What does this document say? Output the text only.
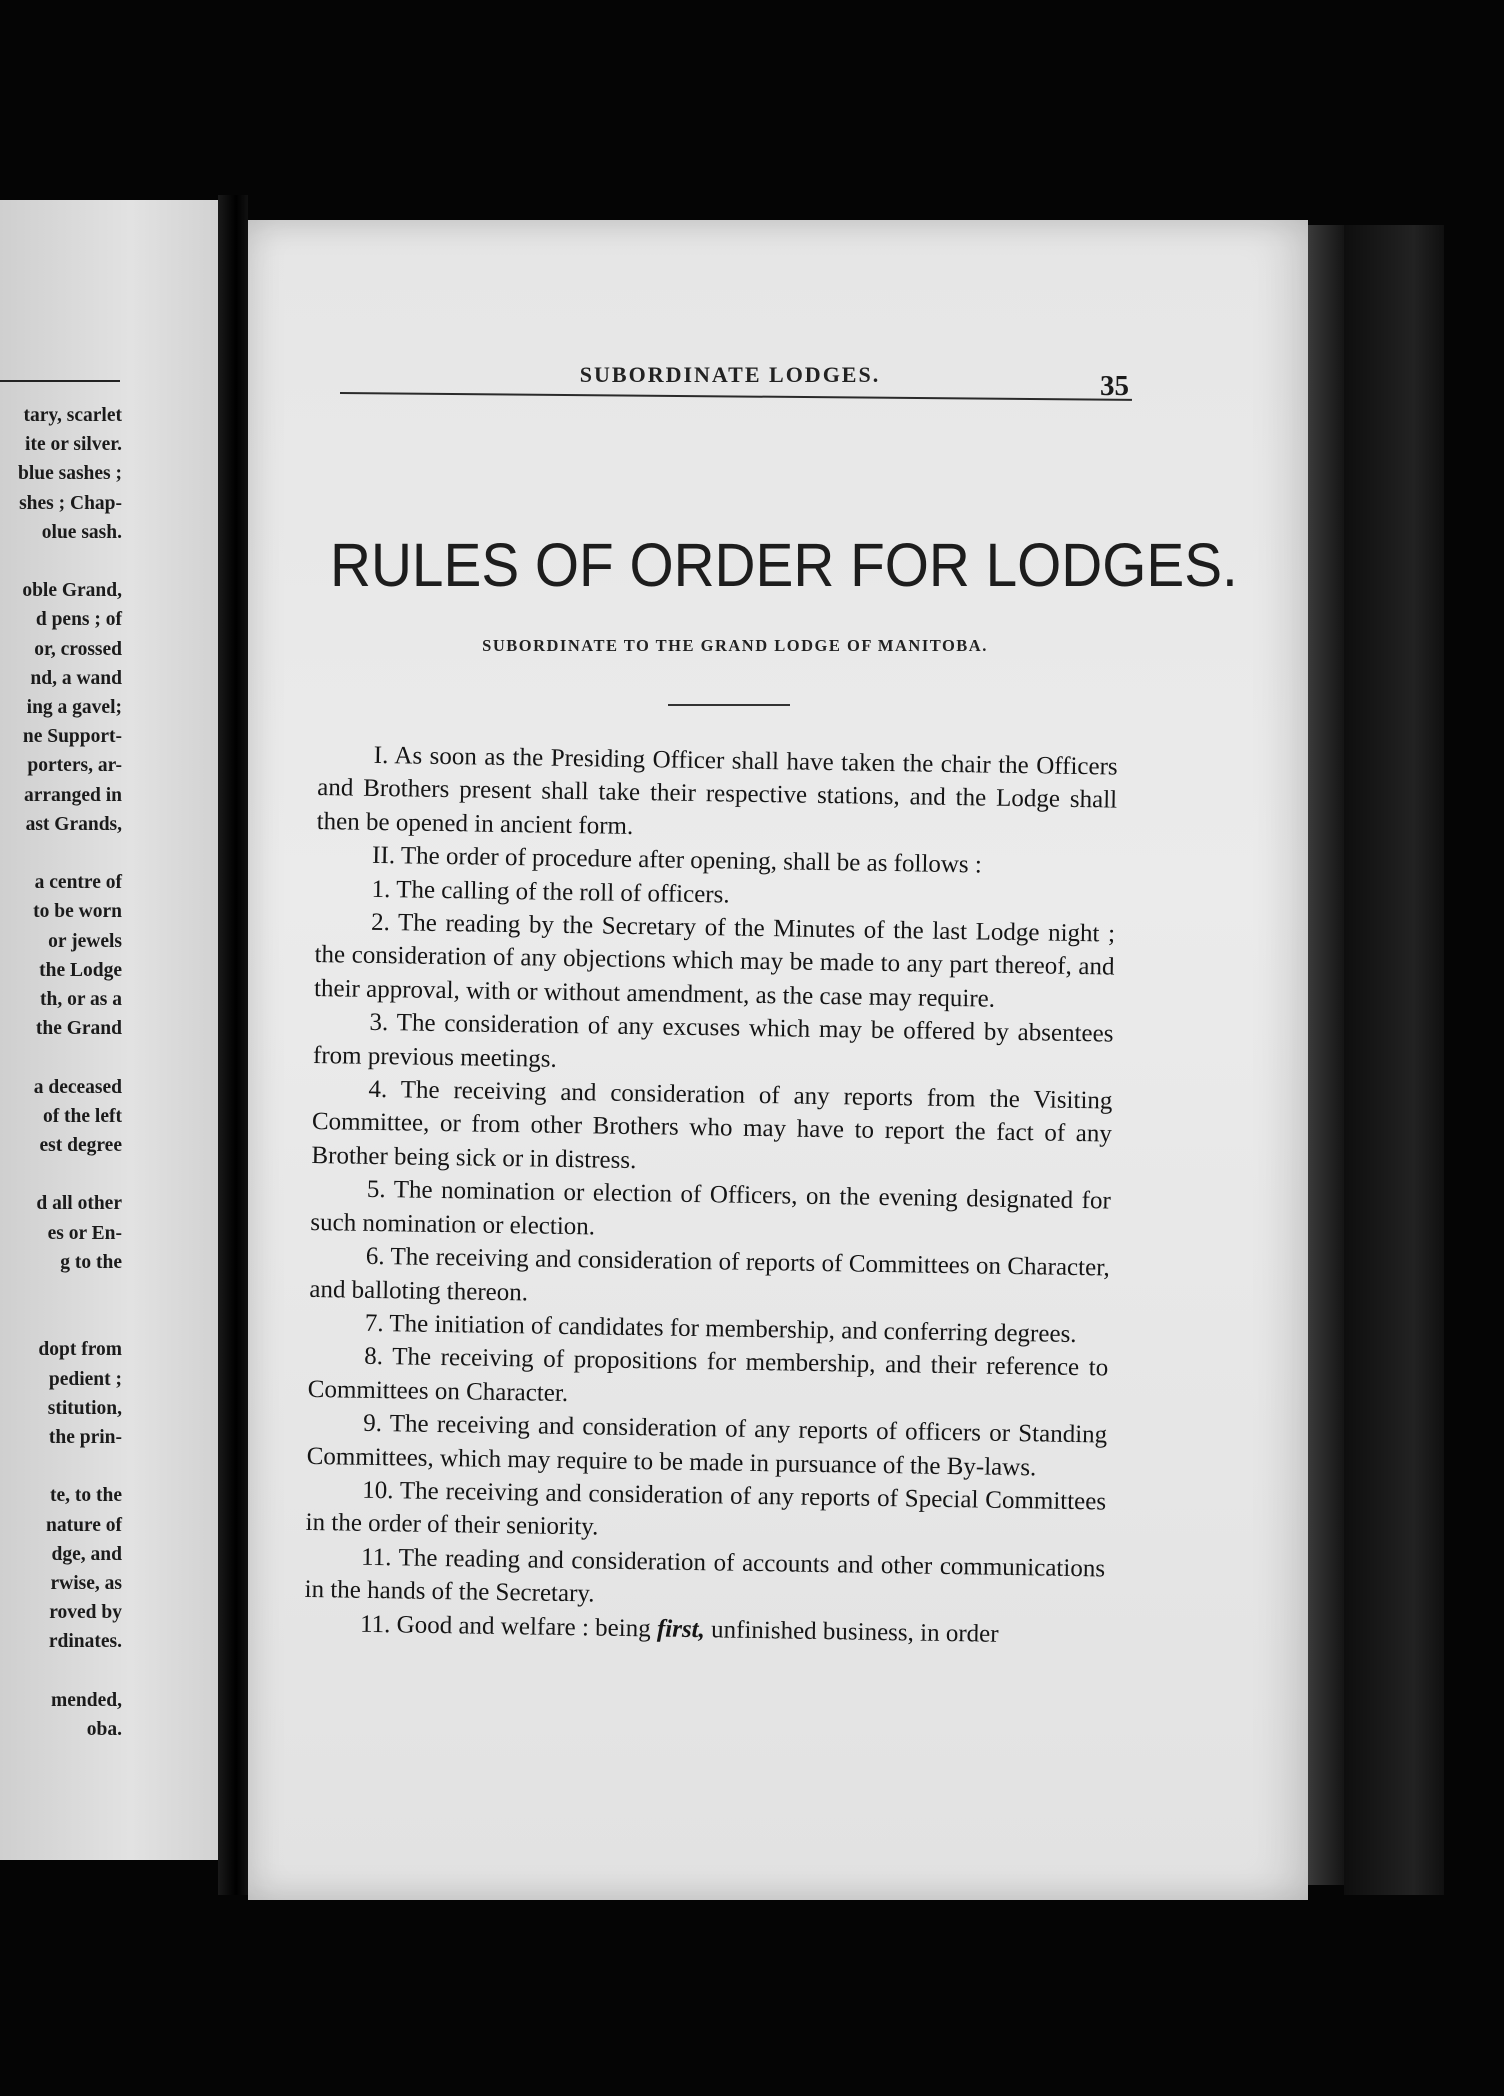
tary, scarlet
ite or silver.
blue sashes ;
shes ; Chap-
olue sash.
oble Grand,
d pens ; of
or, crossed
nd, a wand
ing a gavel;
ne Support-
porters, ar-
arranged in
ast Grands,
a centre of
to be worn
or jewels
the Lodge
th, or as a
the Grand
a deceased
of the left
est degree
d all other
es or En-
g to the
dopt from
pedient ;
stitution,
the prin-
te, to the
nature of
dge, and
rwise, as
roved by
rdinates.
mended,
oba.
SUBORDINATE LODGES.	35
RULES OF ORDER FOR LODGES.
SUBORDINATE TO THE GRAND LODGE OF MANITOBA.

I. As soon as the Presiding Officer shall have taken the chair the Officers and Brothers present shall take their respective stations, and the Lodge shall then be opened in ancient form.

II. The order of procedure after opening, shall be as follows :

1. The calling of the roll of officers.

2. The reading by the Secretary of the Minutes of the last Lodge night ; the consideration of any objections which may be made to any part thereof, and their approval, with or without amendment, as the case may require.

3. The consideration of any excuses which may be offered by absentees from previous meetings.

4. The receiving and consideration of any reports from the Visiting Committee, or from other Brothers who may have to report the fact of any Brother being sick or in distress.

5. The nomination or election of Officers, on the evening designated for such nomination or election.

6. The receiving and consideration of reports of Committees on Character, and balloting thereon.

7. The initiation of candidates for membership, and conferring degrees.

8. The receiving of propositions for membership, and their reference to Committees on Character.

9. The receiving and consideration of any reports of officers or Standing Committees, which may require to be made in pursuance of the By-laws.

10. The receiving and consideration of any reports of Special Committees in the order of their seniority.

11. The reading and consideration of accounts and other communications in the hands of the Secretary.

11. Good and welfare : being first, unfinished business, in order
